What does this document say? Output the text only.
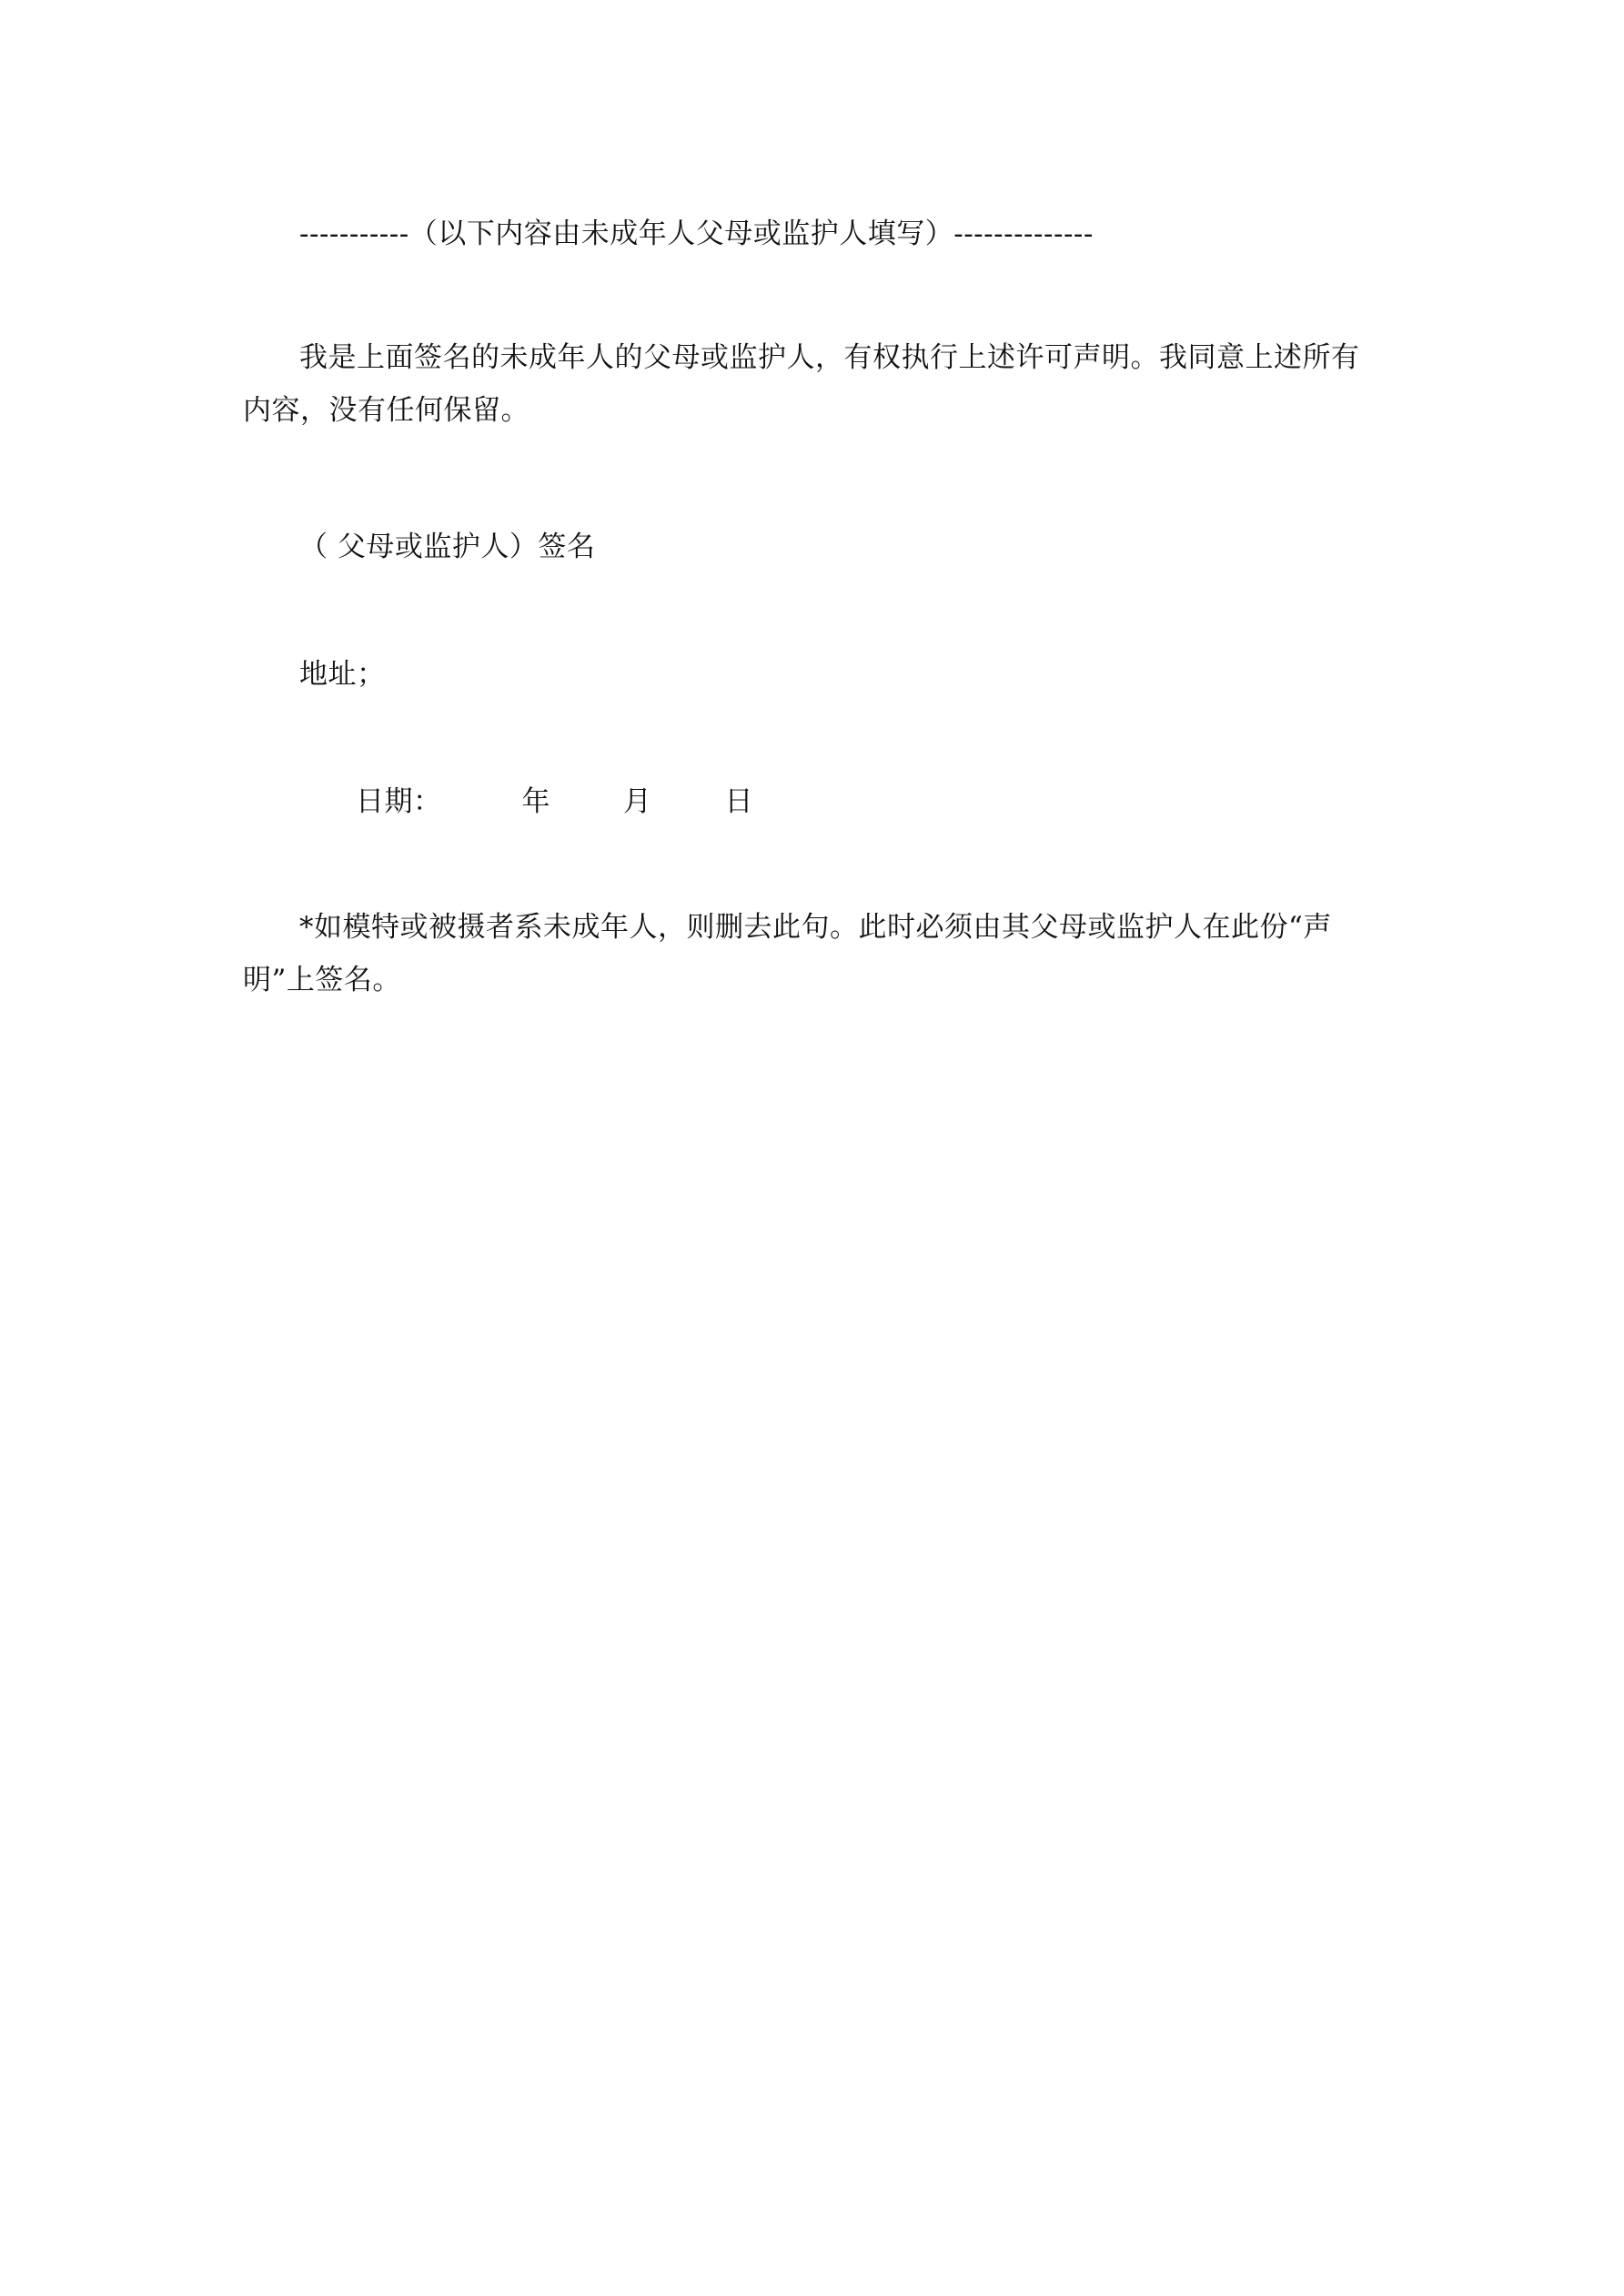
-----------（以下内容由未成年人父母或监护人填写）--------------

我是上面签名的未成年人的父母或监护人，有权执行上述许可声明。我同意上述所有内容，没有任何保留。

（ 父母或监护人）签名

地址；

日期：	年	月	日

*如模特或被摄者系未成年人，则删去此句。此时必须由其父母或监护人在此份“声明”上签名。
